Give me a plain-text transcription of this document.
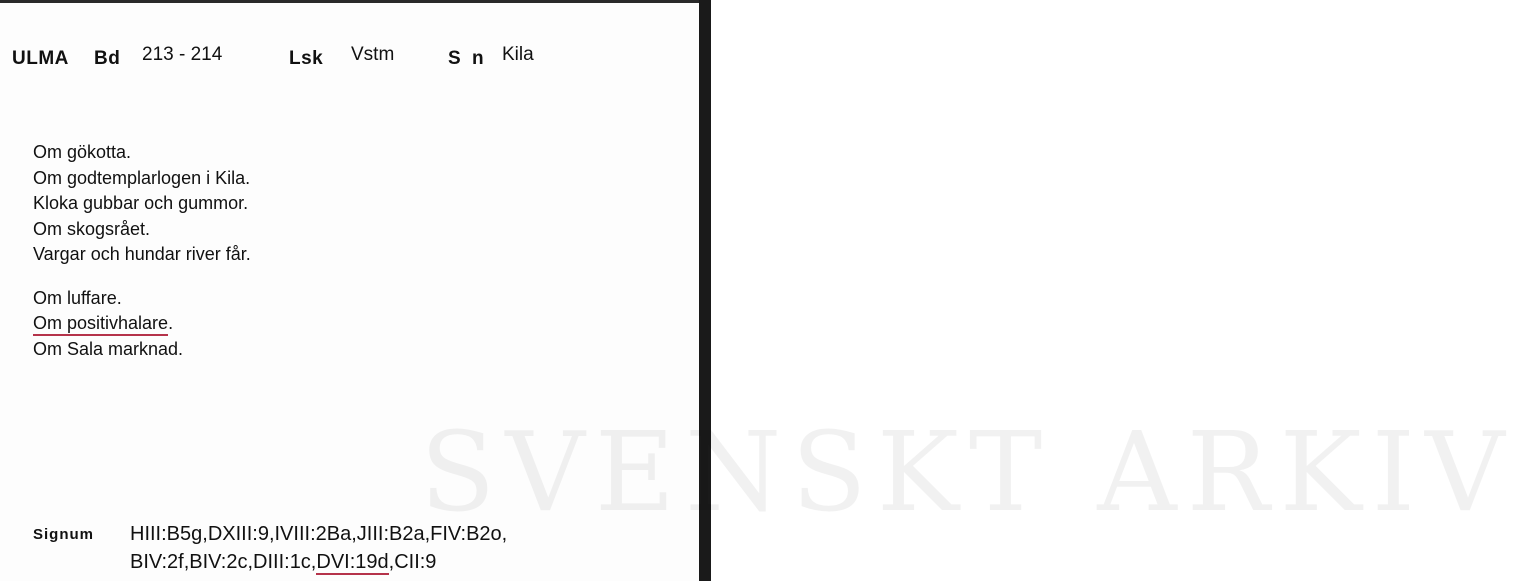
SVENSKT ARKIV
ULMA Bd 213 - 214	Lsk Vstm	S n Kila
Om gökotta.
Om godtemplarlogen i Kila.
Kloka gubbar och gummor.
Om skogsrået.
Vargar och hundar river får.
Om luffare.
Om positivhalare.
Om Sala marknad.
Signum HIII:B5g,DXIII:9,IVIII:2Ba,JIII:B2a,FIV:B2o,
BIV:2f,BIV:2c,DIII:1c,DVI:19d,CII:9
